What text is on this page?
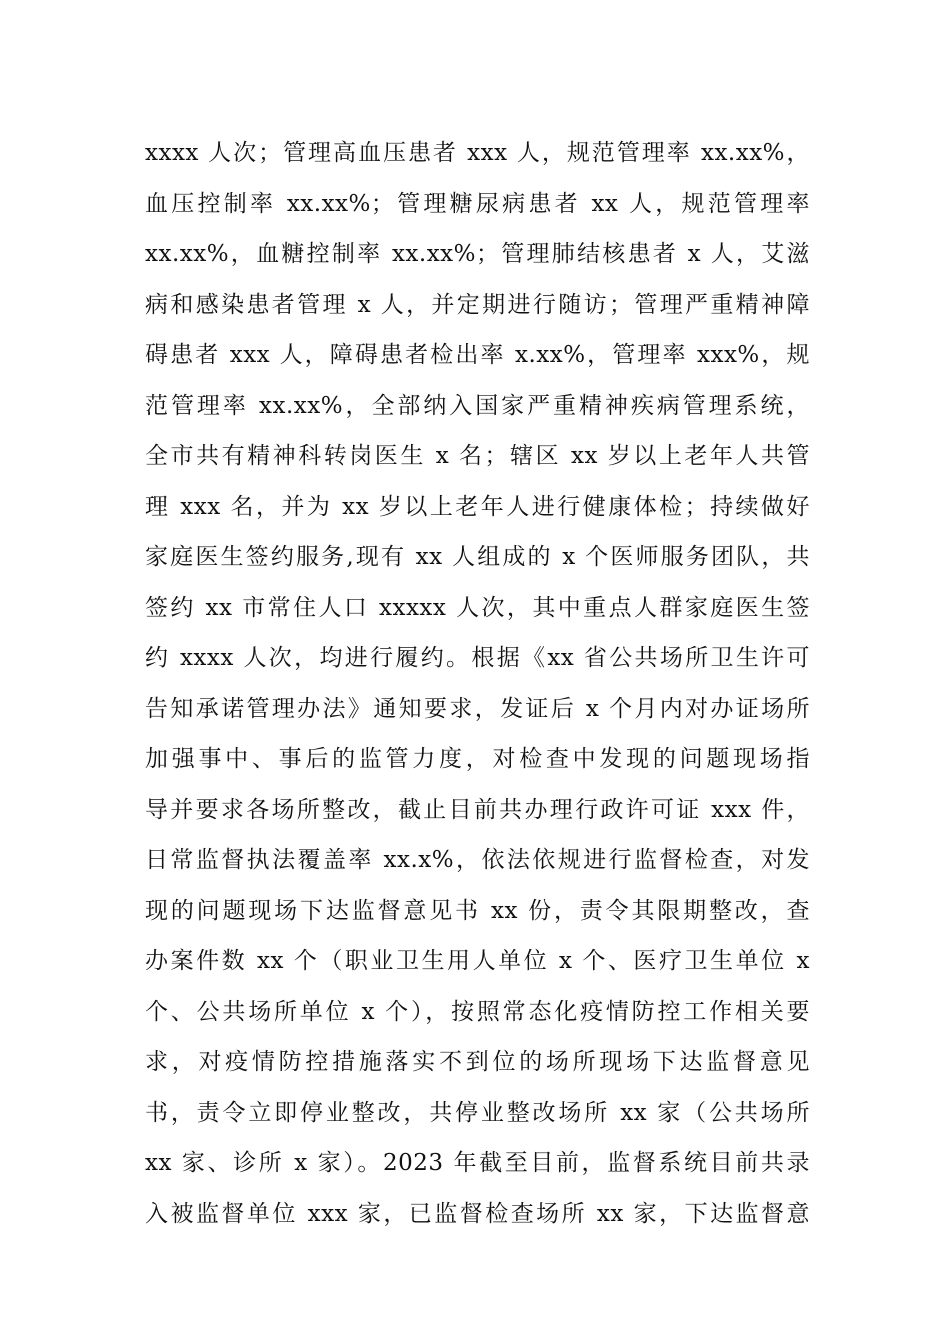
xxxx 人次；管理高血压患者 xxx 人，规范管理率 xx.xx%，
血压控制率 xx.xx%；管理糖尿病患者 xx 人，规范管理率
xx.xx%，血糖控制率 xx.xx%；管理肺结核患者 x 人，艾滋
病和感染患者管理 x 人，并定期进行随访；管理严重精神障
碍患者 xxx 人，障碍患者检出率 x.xx%，管理率 xxx%，规
范管理率 xx.xx%，全部纳入国家严重精神疾病管理系统，
全市共有精神科转岗医生 x 名；辖区 xx 岁以上老年人共管
理 xxx 名，并为 xx 岁以上老年人进行健康体检；持续做好
家庭医生签约服务,现有 xx 人组成的 x 个医师服务团队，共
签约 xx 市常住人口 xxxxx 人次，其中重点人群家庭医生签
约 xxxx 人次，均进行履约。根据《xx 省公共场所卫生许可
告知承诺管理办法》通知要求，发证后 x 个月内对办证场所
加强事中、事后的监管力度，对检查中发现的问题现场指
导并要求各场所整改，截止目前共办理行政许可证 xxx 件，
日常监督执法覆盖率 xx.x%，依法依规进行监督检查，对发
现的问题现场下达监督意见书 xx 份，责令其限期整改，查
办案件数 xx 个（职业卫生用人单位 x 个、医疗卫生单位 x
个、公共场所单位 x 个），按照常态化疫情防控工作相关要
求，对疫情防控措施落实不到位的场所现场下达监督意见
书，责令立即停业整改，共停业整改场所 xx 家（公共场所
xx 家、诊所 x 家）。2023 年截至目前，监督系统目前共录
入被监督单位 xxx 家，已监督检查场所 xx 家，下达监督意
